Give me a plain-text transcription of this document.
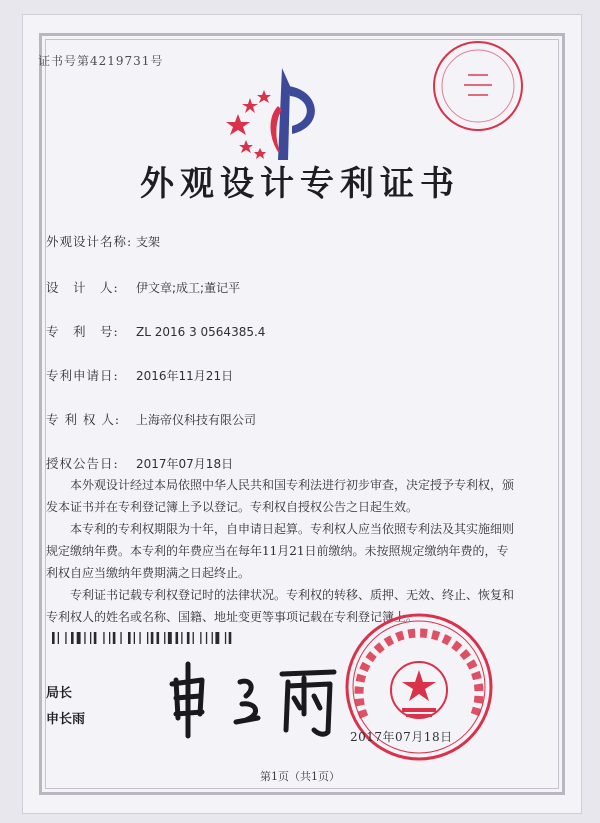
证书号第4219731号
外观设计专利证书
外观设计名称: 支架
设　计　人: 伊文章;成工;董记平
专　利　号: ZL 2016 3 0564385.4
专利申请日: 2016年11月21日
专 利 权 人: 上海帝仪科技有限公司
授权公告日: 2017年07月18日

本外观设计经过本局依照中华人民共和国专利法进行初步审查，决定授予专利权，颁发本证书并在专利登记簿上予以登记。专利权自授权公告之日起生效。

本专利的专利权期限为十年，自申请日起算。专利权人应当依照专利法及其实施细则规定缴纳年费。本专利的年费应当在每年11月21日前缴纳。未按照规定缴纳年费的，专利权自应当缴纳年费期满之日起终止。

专利证书记载专利权登记时的法律状况。专利权的转移、质押、无效、终止、恢复和专利权人的姓名或名称、国籍、地址变更等事项记载在专利登记簿上。

局长
申长雨
2017年07月18日
第1页（共1页）
